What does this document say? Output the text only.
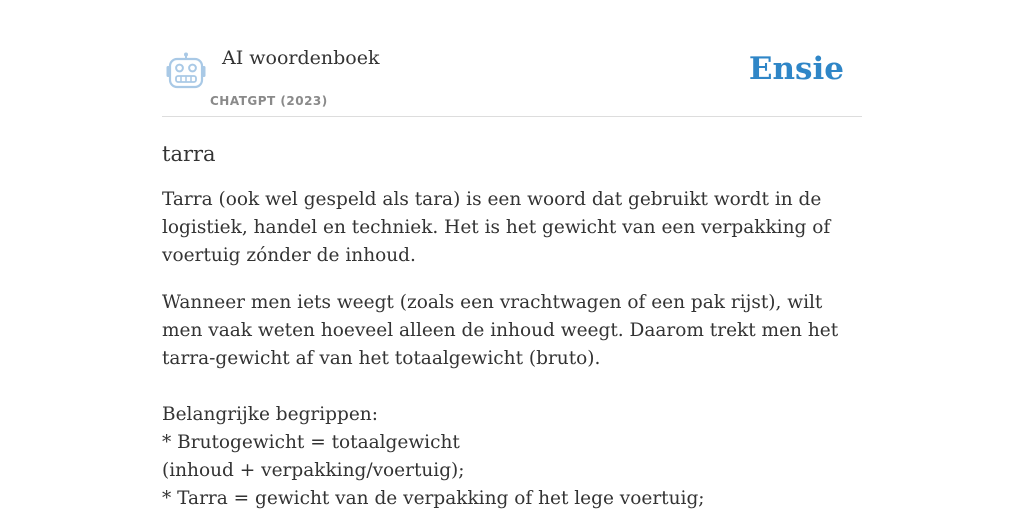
AI woordenboek
CHATGPT (2023)
Ensie
tarra

Tarra (ook wel gespeld als tara) is een woord dat gebruikt wordt in de logistiek, handel en techniek. Het is het gewicht van een verpakking of voertuig zónder de inhoud.

Wanneer men iets weegt (zoals een vrachtwagen of een pak rijst), wilt men vaak weten hoeveel alleen de inhoud weegt. Daarom trekt men het tarra-gewicht af van het totaalgewicht (bruto).

Belangrijke begrippen:
* Brutogewicht = totaalgewicht
(inhoud + verpakking/voertuig);
* Tarra = gewicht van de verpakking of het lege voertuig;
